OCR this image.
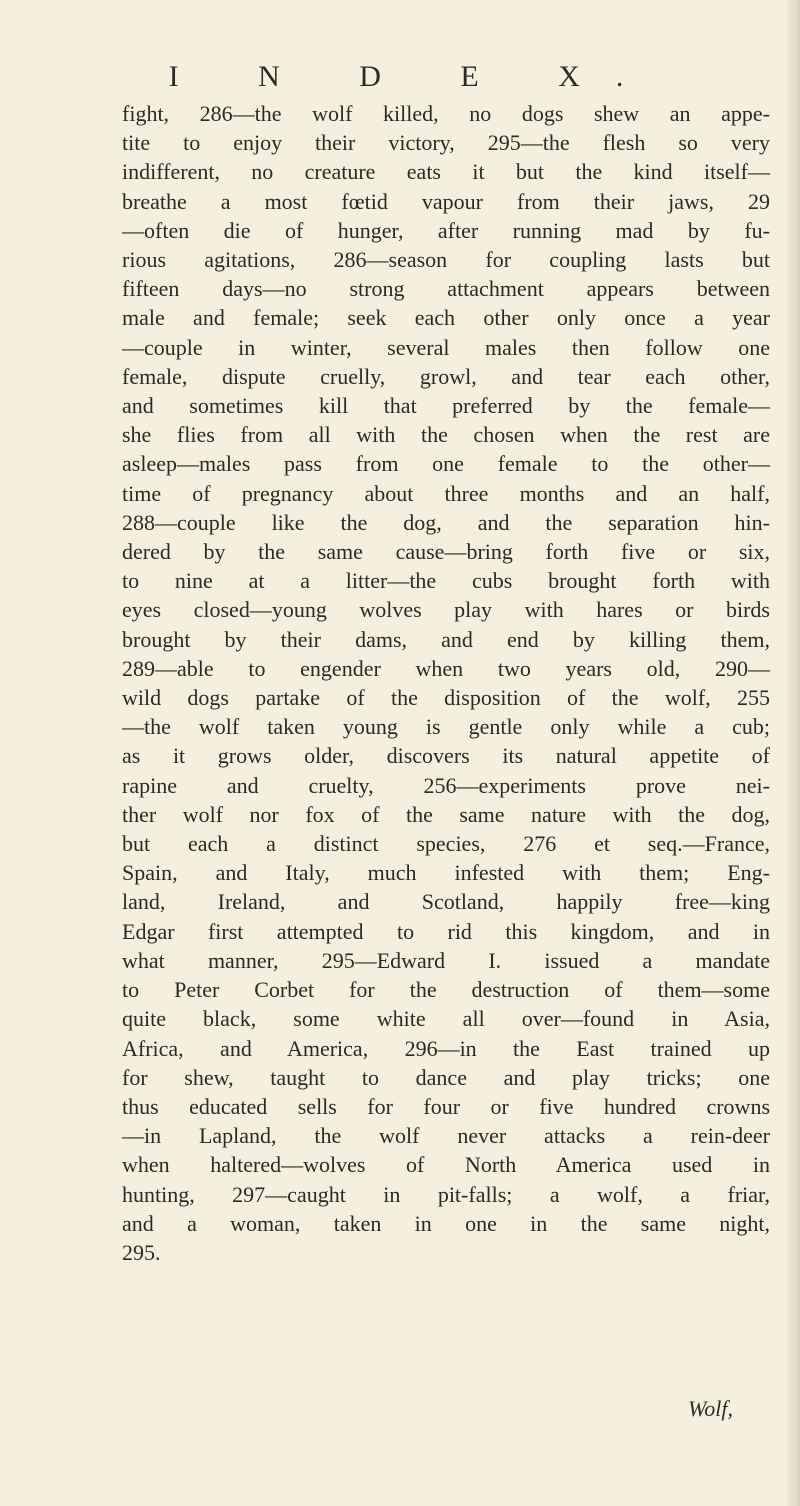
I N D E X.
fight, 286—the wolf killed, no dogs shew an appe-
tite to enjoy their victory, 295—the flesh so very
indifferent, no creature eats it but the kind itself—
breathe a most fœtid vapour from their jaws, 29
—often die of hunger, after running mad by fu-
rious agitations, 286—season for coupling lasts but
fifteen days—no strong attachment appears between
male and female; seek each other only once a year
—couple in winter, several males then follow one
female, dispute cruelly, growl, and tear each other,
and sometimes kill that preferred by the female—
she flies from all with the chosen when the rest are
asleep—males pass from one female to the other—
time of pregnancy about three months and an half,
288—couple like the dog, and the separation hin-
dered by the same cause—bring forth five or six,
to nine at a litter—the cubs brought forth with
eyes closed—young wolves play with hares or birds
brought by their dams, and end by killing them,
289—able to engender when two years old, 290—
wild dogs partake of the disposition of the wolf, 255
—the wolf taken young is gentle only while a cub;
as it grows older, discovers its natural appetite of
rapine and cruelty, 256—experiments prove nei-
ther wolf nor fox of the same nature with the dog,
but each a distinct species, 276 et seq.—France,
Spain, and Italy, much infested with them; Eng-
land, Ireland, and Scotland, happily free—king
Edgar first attempted to rid this kingdom, and in
what manner, 295—Edward I. issued a mandate
to Peter Corbet for the destruction of them—some
quite black, some white all over—found in Asia,
Africa, and America, 296—in the East trained up
for shew, taught to dance and play tricks; one
thus educated sells for four or five hundred crowns
—in Lapland, the wolf never attacks a rein-deer
when haltered—wolves of North America used in
hunting, 297—caught in pit-falls; a wolf, a friar,
and a woman, taken in one in the same night,
295.
Wolf,
